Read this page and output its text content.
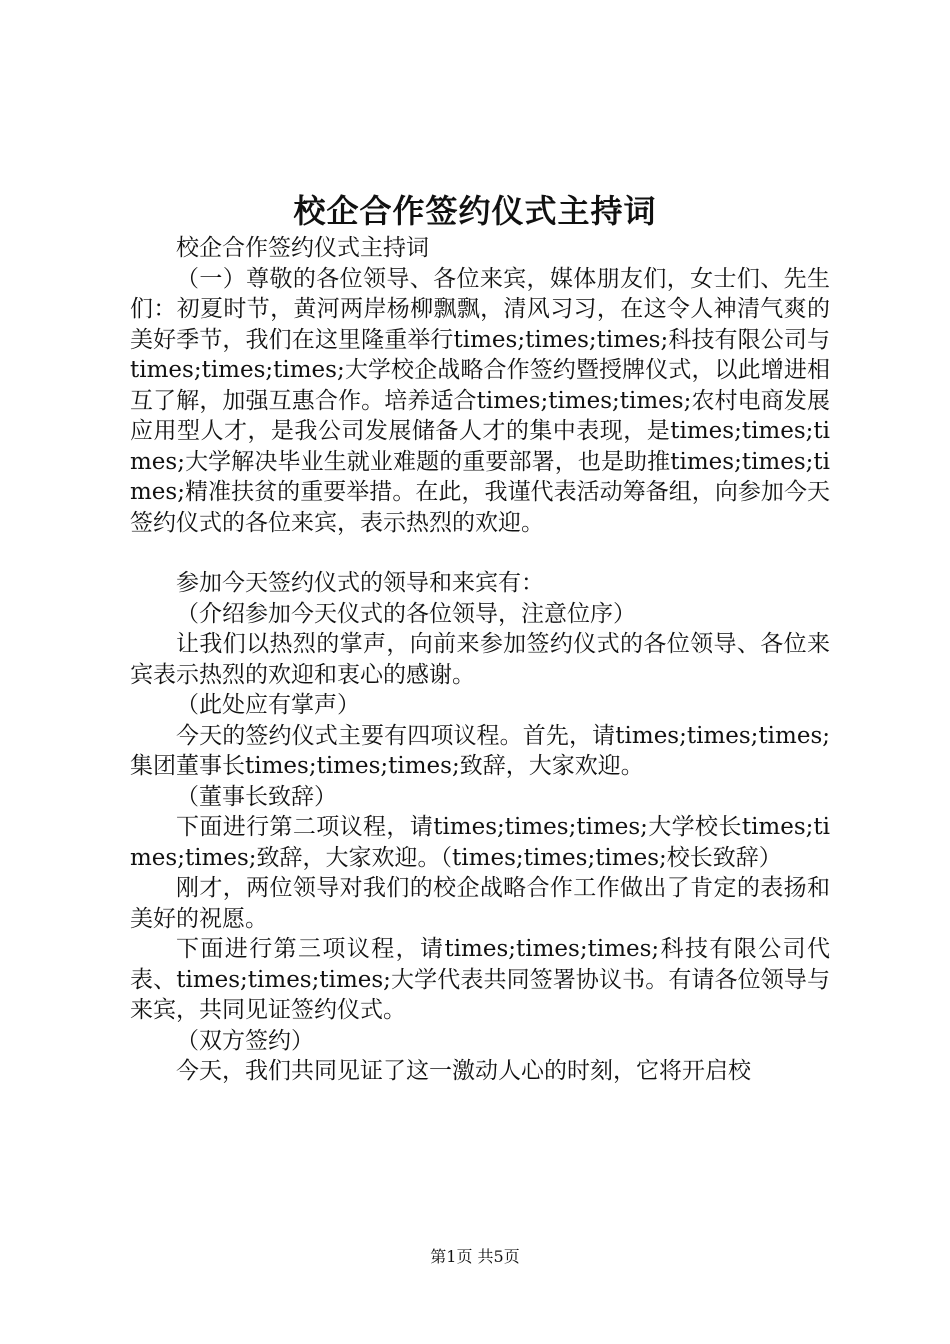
校企合作签约仪式主持词

校企合作签约仪式主持词

（一）尊敬的各位领导、各位来宾，媒体朋友们，女士们、先生们：初夏时节，黄河两岸杨柳飘飘，清风习习，在这令人神清气爽的美好季节，我们在这里隆重举行times;times;times;科技有限公司与times;times;times;大学校企战略合作签约暨授牌仪式，以此增进相互了解，加强互惠合作。培养适合times;times;times;农村电商发展应用型人才，是我公司发展储备人才的集中表现，是times;times;times;大学解决毕业生就业难题的重要部署，也是助推times;times;times;精准扶贫的重要举措。在此，我谨代表活动筹备组，向参加今天签约仪式的各位来宾，表示热烈的欢迎。

参加今天签约仪式的领导和来宾有：

（介绍参加今天仪式的各位领导，注意位序）

让我们以热烈的掌声，向前来参加签约仪式的各位领导、各位来宾表示热烈的欢迎和衷心的感谢。

（此处应有掌声）

今天的签约仪式主要有四项议程。首先，请times;times;times;集团董事长times;times;times;致辞，大家欢迎。

（董事长致辞）

下面进行第二项议程，请times;times;times;大学校长times;times;times;致辞，大家欢迎。（times;times;times;校长致辞）

刚才，两位领导对我们的校企战略合作工作做出了肯定的表扬和美好的祝愿。

下面进行第三项议程，请times;times;times;科技有限公司代表、times;times;times;大学代表共同签署协议书。有请各位领导与来宾，共同见证签约仪式。

（双方签约）

今天，我们共同见证了这一激动人心的时刻，它将开启校

第1页 共5页
